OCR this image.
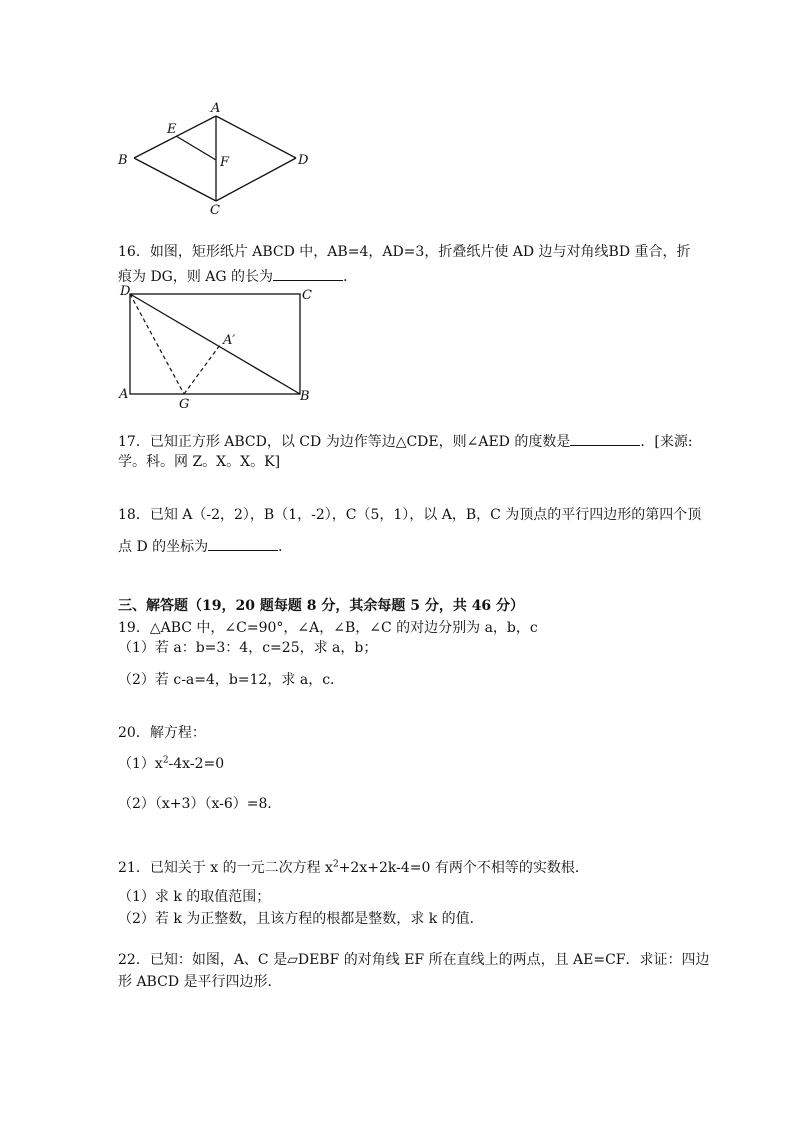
A
E
B	F	D
C
16．如图，矩形纸片 ABCD 中，AB=4，AD=3，折叠纸片使 AD 边与对角线BD 重合，折
痕为 DG，则 AG 的长为	．
D	C
A′
A
G
B
17．已知正方形 ABCD，以 CD 为边作等边△CDE，则∠AED 的度数是	．[来源:
学。科。网 Z。X。X。K]
18．已知 A（-2，2），B（1，-2），C（5，1），以 A，B，C 为顶点的平行四边形的第四个顶
点 D 的坐标为	．
三、解答题（19，20 题每题 8 分，其余每题 5 分，共 46 分）
19．△ABC 中，∠C=90°，∠A，∠B，∠C 的对边分别为 a，b，c
（1）若 a：b=3：4，c=25，求 a，b；
（2）若 c-a=4，b=12，求 a，c．
20．解方程：
$(1)x^2-4x-2=0$
（2）（x+3）（x-6）=8．
21．已知关于 x 的一元二次方程 $x^2+2x+2k-4=0$ 有两个不相等的实数根．
（1）求 k 的取值范围；
（2）若 k 为正整数，且该方程的根都是整数，求 k 的值．
22．已知：如图，A、C 是▱DEBF 的对角线 EF 所在直线上的两点，且 AE=CF．求证：四边
形 ABCD 是平行四边形．
